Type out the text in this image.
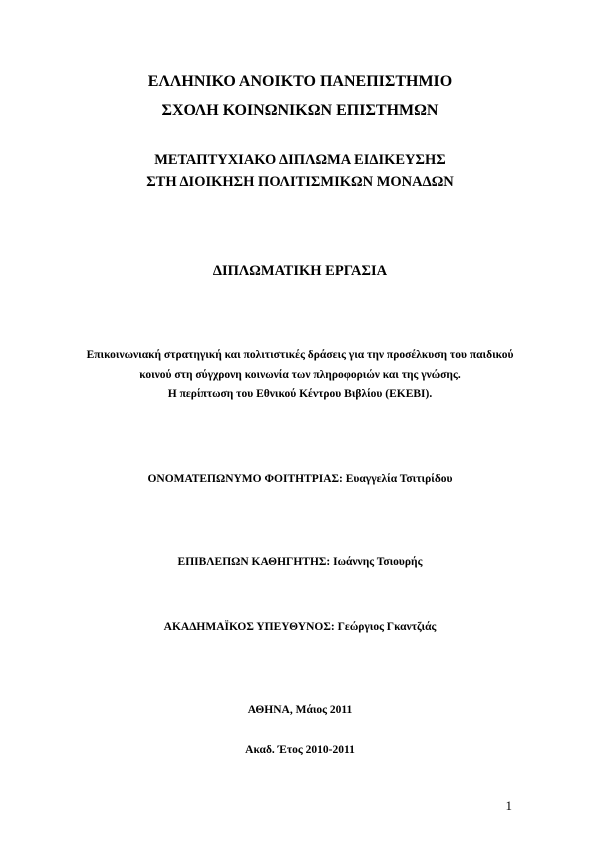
ΕΛΛΗΝΙΚΟ ΑΝΟΙΚΤΟ ΠΑΝΕΠΙΣΤΗΜΙΟ
ΣΧΟΛΗ ΚΟΙΝΩΝΙΚΩΝ ΕΠΙΣΤΗΜΩΝ
ΜΕΤΑΠΤΥΧΙΑΚΟ ΔΙΠΛΩΜΑ ΕΙΔΙΚΕΥΣΗΣ
ΣΤΗ ΔΙΟΙΚΗΣΗ ΠΟΛΙΤΙΣΜΙΚΩΝ ΜΟΝΑΔΩΝ
ΔΙΠΛΩΜΑΤΙΚΗ ΕΡΓΑΣΙΑ
Επικοινωνιακή στρατηγική και πολιτιστικές δράσεις για την προσέλκυση του παιδικού
κοινού στη σύγχρονη κοινωνία των πληροφοριών και της γνώσης.
Η περίπτωση του Εθνικού Κέντρου Βιβλίου (ΕΚΕΒΙ).
ΟΝΟΜΑΤΕΠΩΝΥΜΟ ΦΟΙΤΗΤΡΙΑΣ: Ευαγγελία Τσιτιρίδου
ΕΠΙΒΛΕΠΩΝ ΚΑΘΗΓΗΤΗΣ: Ιωάννης Τσιουρής
ΑΚΑΔΗΜΑΪΚΟΣ ΥΠΕΥΘΥΝΟΣ: Γεώργιος Γκαντζιάς
ΑΘΗΝΑ, Μάιος 2011
Ακαδ. Έτος 2010-2011
1
